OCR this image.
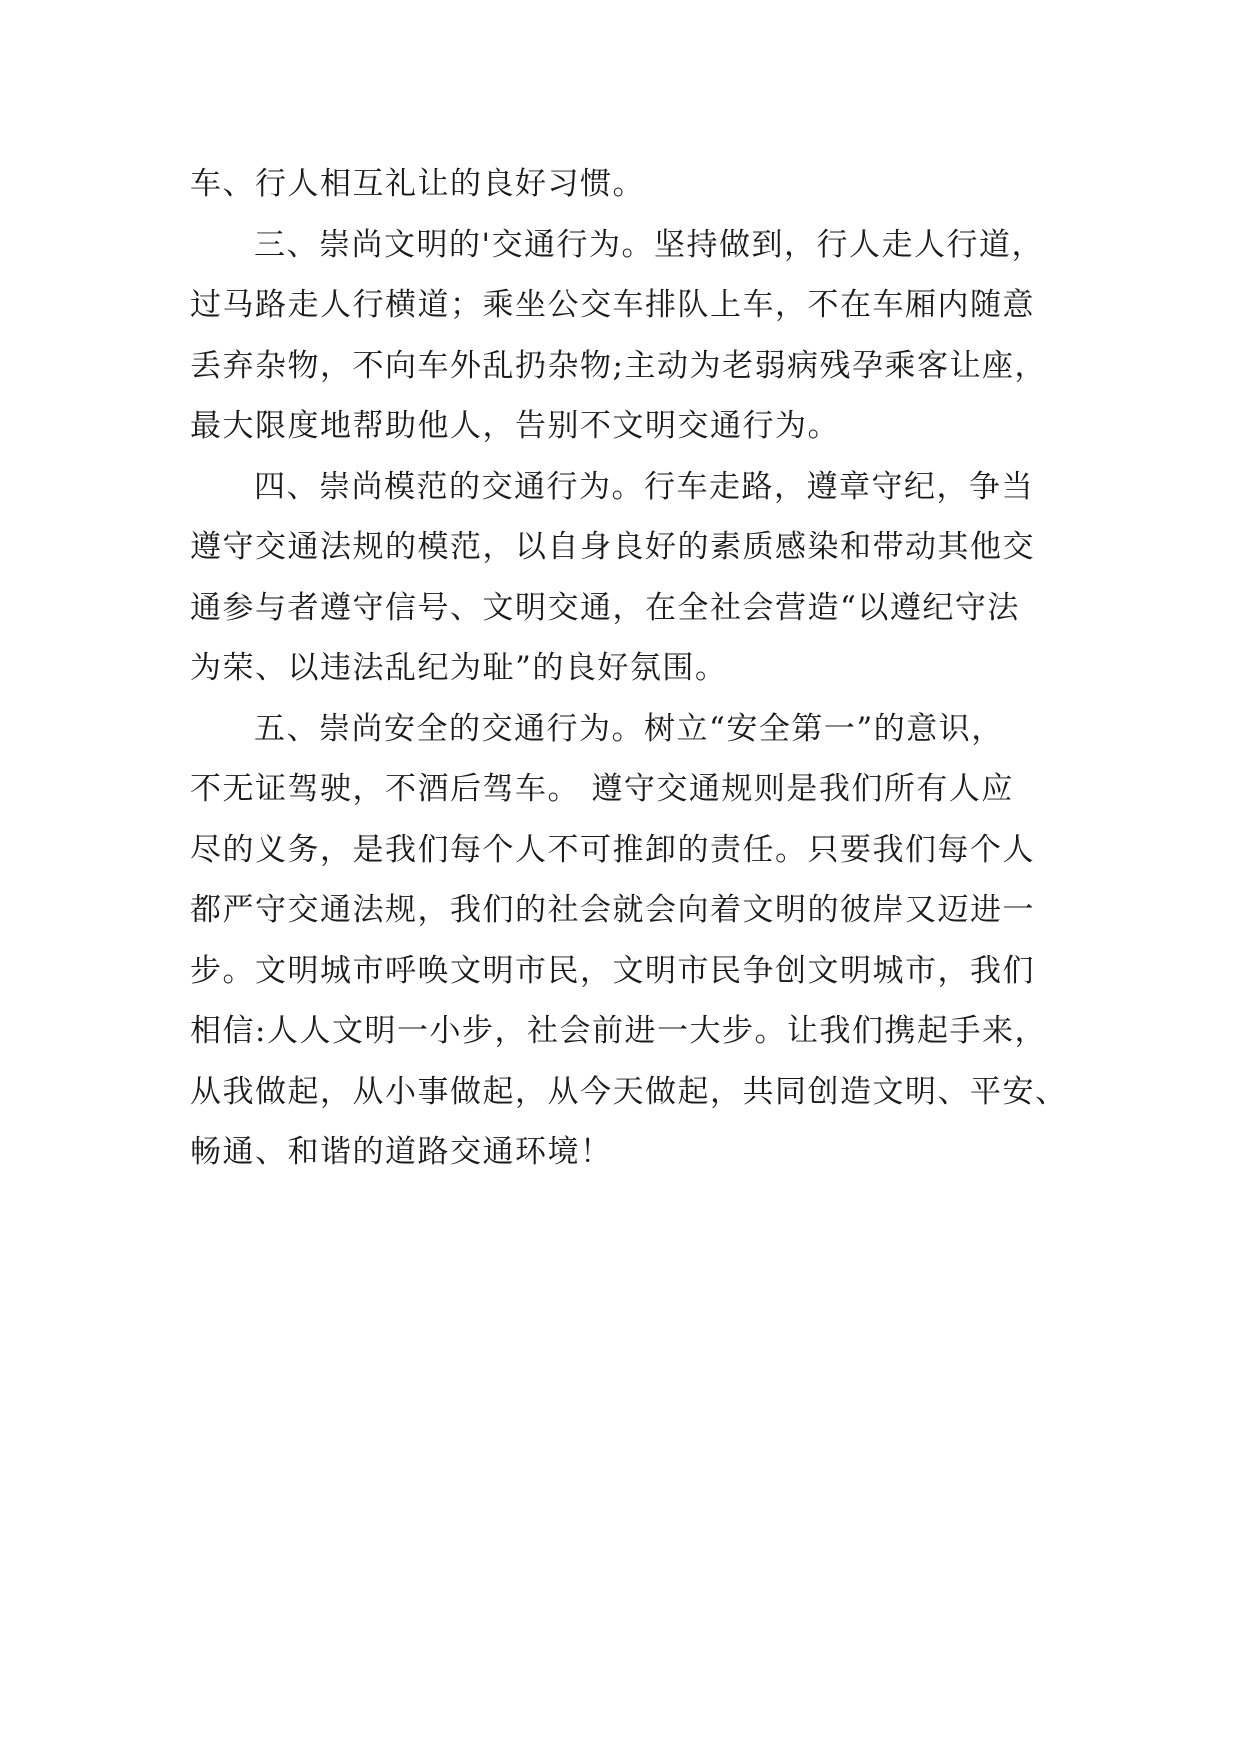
车、行人相互礼让的良好习惯。
三、崇尚文明的'交通行为。坚持做到，行人走人行道，
过马路走人行横道；乘坐公交车排队上车，不在车厢内随意
丢弃杂物，不向车外乱扔杂物;主动为老弱病残孕乘客让座，
最大限度地帮助他人，告别不文明交通行为。
四、崇尚模范的交通行为。行车走路，遵章守纪，争当
遵守交通法规的模范，以自身良好的素质感染和带动其他交
通参与者遵守信号、文明交通，在全社会营造“以遵纪守法
为荣、以违法乱纪为耻”的良好氛围。
五、崇尚安全的交通行为。树立“安全第一”的意识，
不无证驾驶，不酒后驾车。 遵守交通规则是我们所有人应
尽的义务，是我们每个人不可推卸的责任。只要我们每个人
都严守交通法规，我们的社会就会向着文明的彼岸又迈进一
步。文明城市呼唤文明市民，文明市民争创文明城市，我们
相信:人人文明一小步，社会前进一大步。让我们携起手来，
从我做起，从小事做起，从今天做起，共同创造文明、平安、
畅通、和谐的道路交通环境！
